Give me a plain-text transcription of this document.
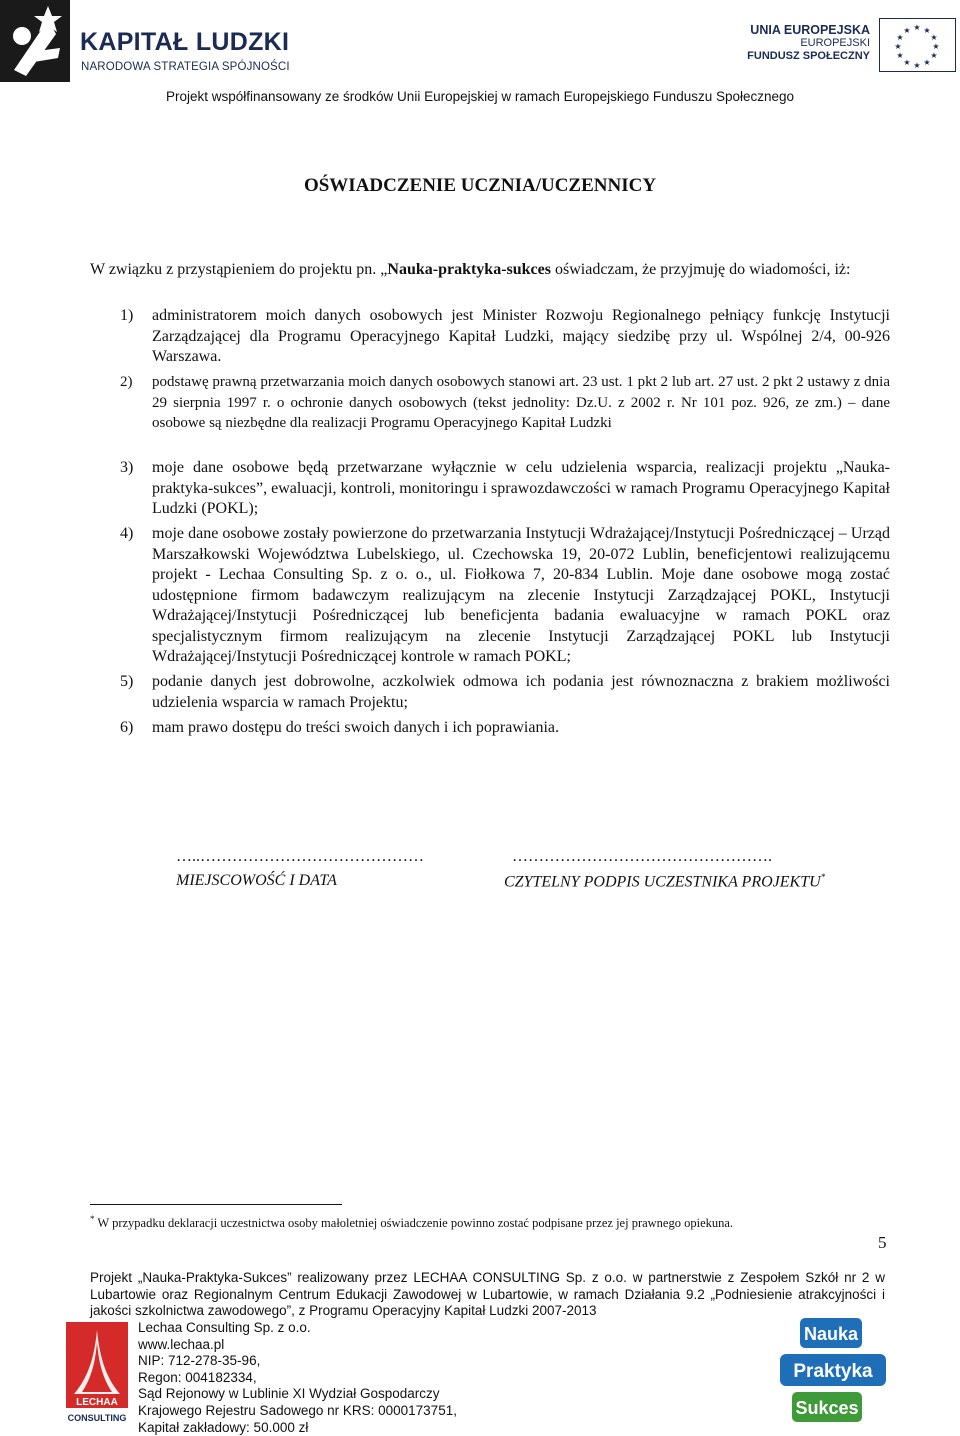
KAPITAŁ LUDZKI
NARODOWA STRATEGIA SPÓJNOŚCI
UNIA EUROPEJSKA
EUROPEJSKI
FUNDUSZ SPOŁECZNY
★ ★
★
★
★
★
★
★
★
★
★
★
Projekt współfinansowany ze środków Unii Europejskiej w ramach Europejskiego Funduszu Społecznego
OŚWIADCZENIE UCZNIA/UCZENNICY
W związku z przystąpieniem do projektu pn. „Nauka-praktyka-sukces oświadczam, że przyjmuję do wiadomości, iż:
1)	administratorem moich danych osobowych jest Minister Rozwoju Regionalnego pełniący funkcję Instytucji Zarządzającej dla Programu Operacyjnego Kapitał Ludzki, mający siedzibę przy ul. Wspólnej 2/4, 00-926 Warszawa.
2)	podstawę prawną przetwarzania moich danych osobowych stanowi art. 23 ust. 1 pkt 2 lub art. 27 ust. 2 pkt 2 ustawy z dnia 29 sierpnia 1997 r. o ochronie danych osobowych (tekst jednolity: Dz.U. z 2002 r. Nr 101 poz. 926, ze zm.) – dane osobowe są niezbędne dla realizacji Programu Operacyjnego Kapitał Ludzki
3)	moje dane osobowe będą przetwarzane wyłącznie w celu udzielenia wsparcia, realizacji projektu „Nauka-praktyka-sukces”, ewaluacji, kontroli, monitoringu i sprawozdawczości w ramach Programu Operacyjnego Kapitał Ludzki (POKL);
4)	moje dane osobowe zostały powierzone do przetwarzania Instytucji Wdrażającej/Instytucji Pośredniczącej – Urząd Marszałkowski Województwa Lubelskiego, ul. Czechowska 19, 20-072 Lublin, beneficjentowi realizującemu projekt - Lechaa Consulting Sp. z o. o., ul. Fiołkowa 7, 20-834 Lublin. Moje dane osobowe mogą zostać udostępnione firmom badawczym realizującym na zlecenie Instytucji Zarządzającej POKL, Instytucji Wdrażającej/Instytucji Pośredniczącej lub beneficjenta badania ewaluacyjne w ramach POKL oraz specjalistycznym firmom realizującym na zlecenie Instytucji Zarządzającej POKL lub Instytucji Wdrażającej/Instytucji Pośredniczącej kontrole w ramach POKL;
5)	podanie danych jest dobrowolne, aczkolwiek odmowa ich podania jest równoznaczna z brakiem możliwości udzielenia wsparcia w ramach Projektu;
6)	mam prawo dostępu do treści swoich danych i ich poprawiania.
…..……………………………………	………………………………………….
MIEJSCOWOŚĆ I DATA	CZYTELNY PODPIS UCZESTNIKA PROJEKTU*
* W przypadku deklaracji uczestnictwa osoby małoletniej oświadczenie powinno zostać podpisane przez jej prawnego opiekuna.
5
Projekt „Nauka-Praktyka-Sukces” realizowany przez LECHAA CONSULTING Sp. z o.o. w partnerstwie z Zespołem Szkół nr 2 w Lubartowie oraz Regionalnym Centrum Edukacji Zawodowej w Lubartowie, w ramach Działania 9.2 „Podniesienie atrakcyjności i jakości szkolnictwa zawodowego”, z Programu Operacyjny Kapitał Ludzki 2007-2013
LECHAA
CONSULTING
Lechaa Consulting Sp. z o.o.
www.lechaa.pl
NIP: 712-278-35-96,
Regon: 004182334,
Sąd Rejonowy w Lublinie XI Wydział Gospodarczy
Krajowego Rejestru Sadowego nr KRS: 0000173751,
Kapitał zakładowy: 50.000 zł
Nauka
Praktyka
Sukces
